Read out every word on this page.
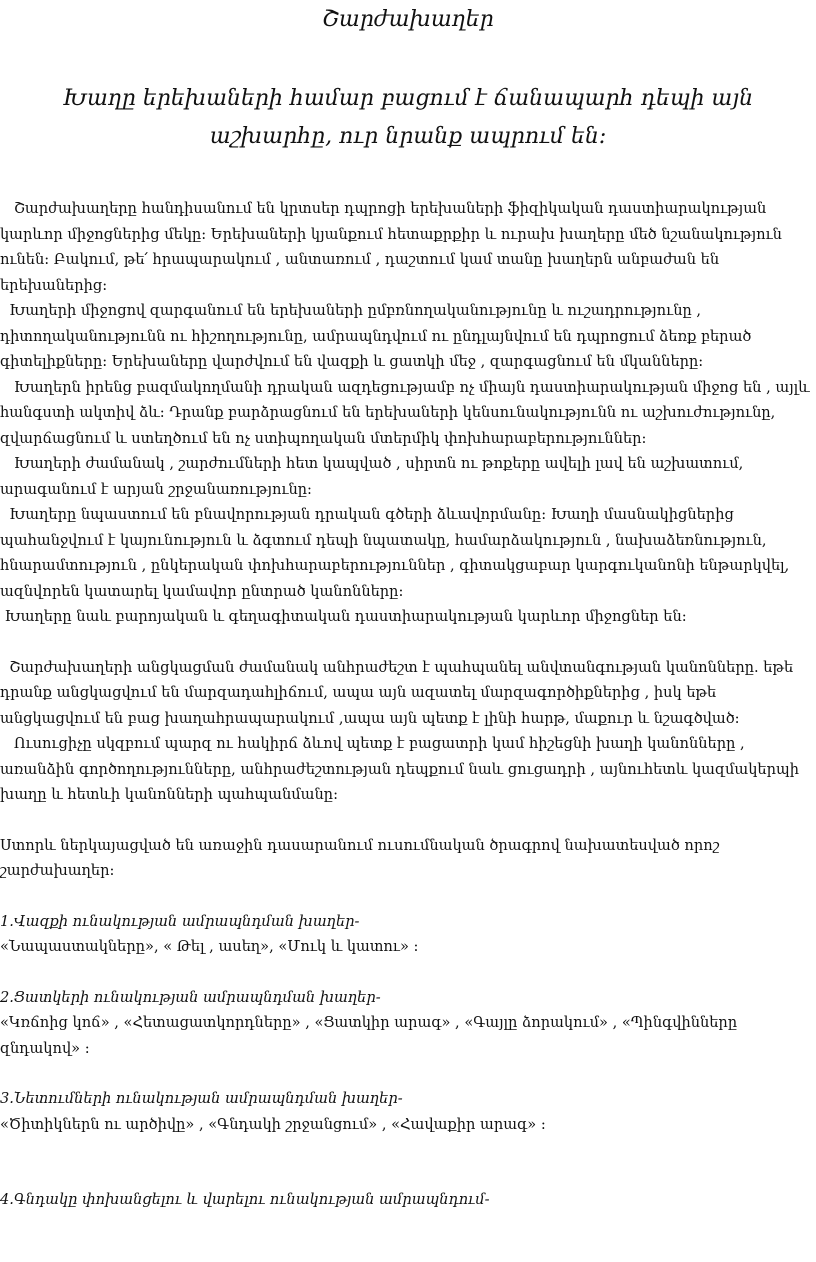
Շարժախաղեր

Խաղը երեխաների համար բացում է ճանապարհ դեպի այն աշխարհը, ուր նրանք ապրում են:

Շարժախաղերը հանդիսանում են կրտսեր դպրոցի երեխաների ֆիզիկական դաստիարակության կարևոր միջոցներից մեկը: Երեխաների կյանքում հետաքրքիր և ուրախ խաղերը մեծ նշանակություն ունեն: Բակում, թե՛ հրապարակում , անտառում , դաշտում կամ տանը խաղերն անբաժան են երեխաներից:

Խաղերի միջոցով զարգանում են երեխաների ըմբռնողականությունը և ուշադրությունը , դիտողականությունն ու հիշողությունը, ամրապնդվում ու ընդլայնվում են դպրոցում ձեռք բերած գիտելիքները: Երեխաները վարժվում են վազքի և ցատկի մեջ , զարգացնում են մկանները:

Խաղերն իրենց բազմակողմանի դրական ազդեցությամբ ոչ միայն դաստիարակության միջոց են , այլև հանգստի ակտիվ ձև: Դրանք բարձրացնում են երեխաների կենսունակությունն ու աշխուժությունը, զվարճացնում և ստեղծում են ոչ ստիպողական մտերմիկ փոխհարաբերություններ:

Խաղերի ժամանակ , շարժումների հետ կապված , սիրտն ու թոքերը ավելի լավ են աշխատում, արագանում է արյան շրջանառությունը:

Խաղերը նպաստում են բնավորության դրական գծերի ձևավորմանը: Խաղի մասնակիցներից պահանջվում է կայունություն և ձգտում դեպի նպատակը, համարձակություն , նախաձեռնություն, հնարամտություն , ընկերական փոխհարաբերություններ , գիտակցաբար կարգուկանոնի ենթարկվել, ազնվորեն կատարել կամավոր ընտրած կանոնները:

Խաղերը նաև բարոյական և գեղագիտական դաստիարակության կարևոր միջոցներ են:

Շարժախաղերի անցկացման ժամանակ անհրաժեշտ է պահպանել անվտանգության կանոնները. եթե դրանք անցկացվում են մարզադահլիճում, ապա այն ազատել մարզագործիքներից , իսկ եթե անցկացվում են բաց խաղահրապարակում ,ապա այն պետք է լինի հարթ, մաքուր և նշագծված:

Ուսուցիչը սկզբում պարզ ու հակիրճ ձևով պետք է բացատրի կամ հիշեցնի խաղի կանոնները , առանձին գործողությունները, անհրաժեշտության դեպքում նաև ցուցադրի , այնուհետև կազմակերպի խաղը և հետևի կանոնների պահպանմանը:

Ստորև ներկայացված են առաջին դասարանում ուսումնական ծրագրով նախատեսված որոշ շարժախաղեր:

1.Վազքի ունակության ամրապնդման խաղեր-

«Նապաստակները», « Թել , ասեղ», «Մուկ և կատու» :

2.Ցատկերի ունակության ամրապնդման խաղեր-

«Կռճոից կոճ» , «Հետացատկորդները» , «Ցատկիր արագ» , «Գայլը ձորակում» , «Պինգվինները զնդակով» :

3.Նետումների ունակության ամրապնդման խաղեր-

«Ծիտիկներն ու արծիվը» , «Գնդակի շրջանցում» , «Հավաքիր արագ» :

4.Գնդակը փոխանցելու և վարելու ունակության ամրապնդում-
